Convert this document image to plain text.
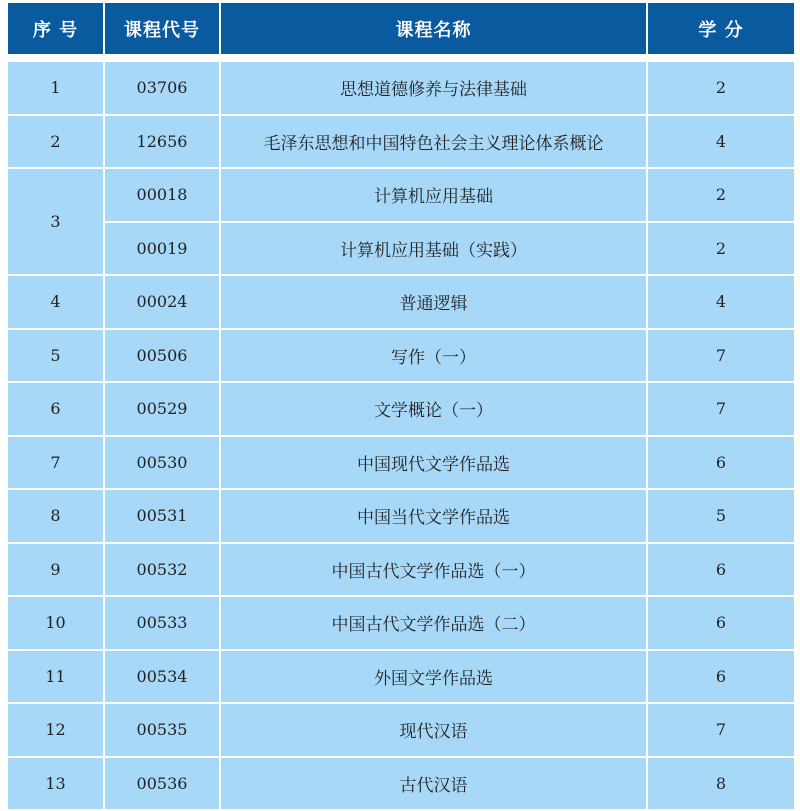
序 号	课程代号	课程名称	学 分

1	03706	思想道德修养与法律基础	2
2	12656	毛泽东思想和中国特色社会主义理论体系概论	4
3	00018	计算机应用基础	2
	00019	计算机应用基础（实践）	2
4	00024	普通逻辑	4
5	00506	写作（一）	7
6	00529	文学概论（一）	7
7	00530	中国现代文学作品选	6
8	00531	中国当代文学作品选	5
9	00532	中国古代文学作品选（一）	6
10	00533	中国古代文学作品选（二）	6
11	00534	外国文学作品选	6
12	00535	现代汉语	7
13	00536	古代汉语	8
